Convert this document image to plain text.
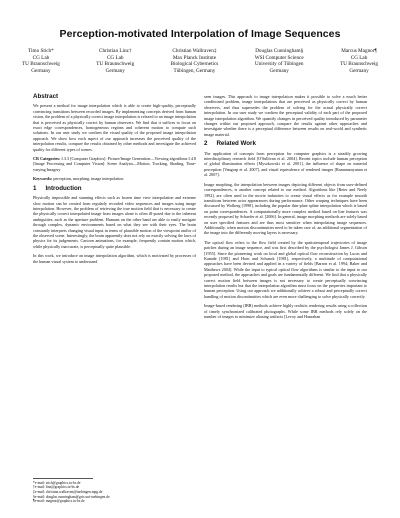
Perception-motivated Interpolation of Image Sequences
Timo Stich*
CG Lab
TU Braunschweig
Germany
Christian Linz†
CG Lab
TU Braunschweig
Germany
Christian Wallraven‡
Max Planck Institute
Biological Cybernetics
Tübingen, Germany
Douglas Cunningham§
WSI Computer Science
University of Tübingen
Germany
Marcus Magnor¶
CG Lab
TU Braunschweig
Germany
Abstract

We present a method for image interpolation which is able to create high-quality, perceptually convincing transitions between recorded images. By implementing concepts derived from human vision, the problem of a physically correct image interpolation is relaxed to an image interpolation that is perceived as physically correct by human observers. We find that it suffices to focus on exact edge correspondences, homogeneous regions and coherent motion to compute such solutions. In our user study we confirm the visual quality of the proposed image interpolation approach. We show how each aspect of our approach increases the perceived quality of the interpolation results, compare the results obtained by other methods and investigate the achieved quality for different types of scenes.

CR Categories: I.3.3 [Computer Graphics]: Picture/Image Generation—Viewing algorithms I.4.8 [Image Processing and Computer Vision]: Scene Analysis—Motion, Tracking, Shading, Time-varying Imagery

Keywords: perception, morphing, image interpolation

1 Introduction

Physically impossible and stunning effects such as frozen time view interpolation and extreme slow motion can be created from regularly recorded video sequences and images using image interpolation. However, the problem of retrieving the true motion field that is necessary to create the physically correct interpolated image from images alone is often ill-posed due to the inherent ambiguities, such as the aperture problem. Humans on the other hand are able to easily navigate through complex, dynamic environments based on what they see with their eyes. The brain constantly interprets changing visual input in terms of plausible motion of the viewpoint and/or of the observed scene. Interestingly, the brain apparently does not rely on exactly solving the laws of physics for its judgements. Cartoon animations, for example, frequently contain motion which, while physically inaccurate, is perceptually quite plausible.

In this work, we introduce an image interpolation algorithm, which is motivated by processes of the human visual system to understand

seen images. This approach to image interpolation makes it possible to solve a much better conditioned problem, image interpolations that are perceived as physically correct by human observers, and thus supersedes the problem of solving for the actual physically correct interpolation. In our user study we confirm the perceptual validity of each part of the proposed image interpolation algorithm. We quantify changes in perceived quality introduced by parameter changes within our proposed approach, compare the results against other approaches and investigate whether there is a perceptual difference between results on real-world and synthetic image material.

2 Related Work

The application of concepts from perception for computer graphics is a steadily growing interdisciplinary research field [O'Sullivan et al. 2004]. Recent topics include human perception of global illumination effects [Myszkowski et al. 2001], the influence of shape on material perception [Vangorp et al. 2007], and visual equivalence of rendered images [Ramanarayanan et al. 2007].

Image morphing, the interpolation between images depicting different objects from user-defined correspondences, is another concept related to our method. Algorithms like [Beier and Neely 1992], are often used in the movie industries to create visual effects as for example smooth transitions between actor appearances during performance. Other warping techniques have been discussed by Wolberg [1998], including the popular thin-plate spline interpolation which is based on point correspondences. A computationally more complex method based on line features was recently proposed by Schaefer et al. [2006]. In general, image morphing methods are solely based on user specified features and are thus most sensitive when interpolating image sequences. Additionally, when motion discontinuities need to be taken care of, an additional segmentation of the image into the differently moving layers is necessary.

The optical flow refers to the flow field created by the spatiotemporal trajectories of image patches during an image sequence, and was first described by the psychologist James J. Gibson [1955]. Since the pioneering work on local and global optical flow reconstruction by Lucas and Kanade [1981] and Horn and Schunck [1981], respectively, a multitude of computational approaches have been devised and applied in a variety of fields [Barron et al. 1994; Baker and Matthews 2004]. While the input to typical optical flow algorithms is similar to the input to our proposed method, the approaches and goals are fundamentally different. We find that a physically correct motion field between images is not necessary to create perceptually convincing interpolation results but that the interpolation algorithm must focus on the properties important to human perception. Using our approach we additionally achieve a robust and perceptually correct handling of motion discontinuities which are even more challenging to solve physically correctly.

Image-based rendering (IBR) methods achieve highly realistic rendering results using a collection of timely synchronized calibrated photographs. While some IBR methods rely solely on the number of images to minimize aliasing artifacts [Levoy and Hanrahan

*e-mail: stich@graphics.tu-bs.de
†e-mail: linz@graphics.tu-bs.de
‡e-mail: christian.wallraven@tuebingen.mpg.de
§e-mail: douglas.cunningham@gris.uni-tuebingen.de
¶e-mail: magnor@graphics.tu-bs.de
